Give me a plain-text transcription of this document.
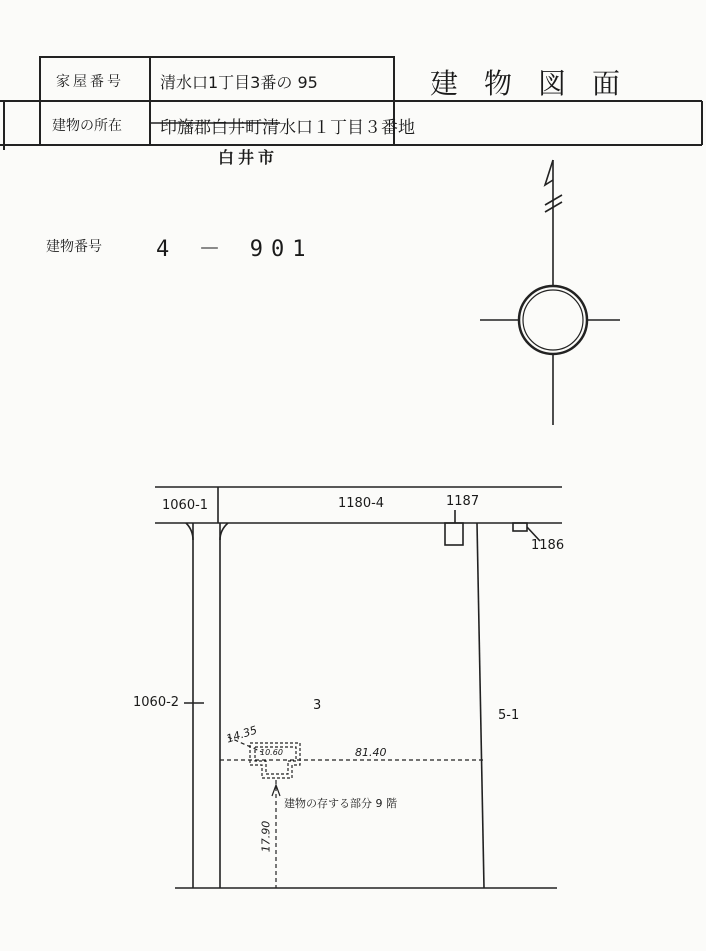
家屋番号 清水口1丁目3番の 95
建物の所在 印旛郡白井町清水口１丁目３番地
白井市
建物図面
建物番号 4 － 901
1060-1	1180-4	1187
1186
1060-2	3
5-1
14.35
81.40
17.90
10.60
建物の存する部分 9 階
